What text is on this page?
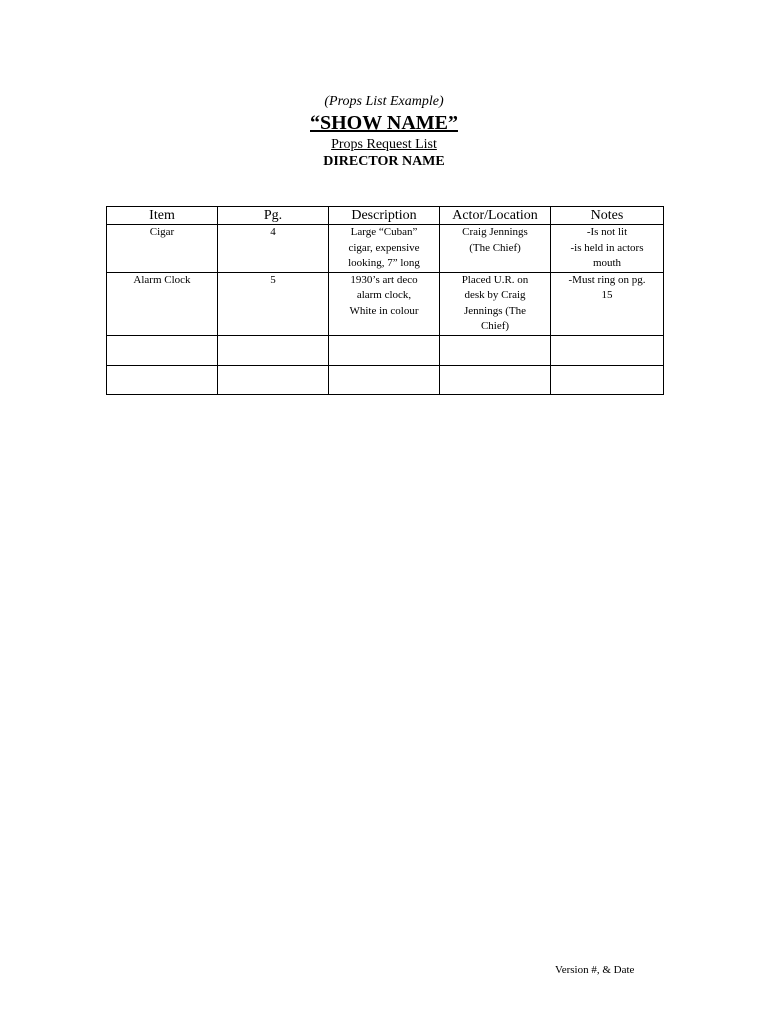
(Props List Example)
“SHOW NAME”
Props Request List
DIRECTOR NAME
Item	Pg.	Description	Actor/Location	Notes

Cigar	4	Large “Cuban”
cigar, expensive
looking, 7” long	Craig Jennings
(The Chief)	-Is not lit
-is held in actors
mouth

Alarm Clock	5	1930’s art deco
alarm clock,
White in colour	Placed U.R. on
desk by Craig
Jennings (The
Chief)	-Must ring on pg.
15

Version #, & Date
